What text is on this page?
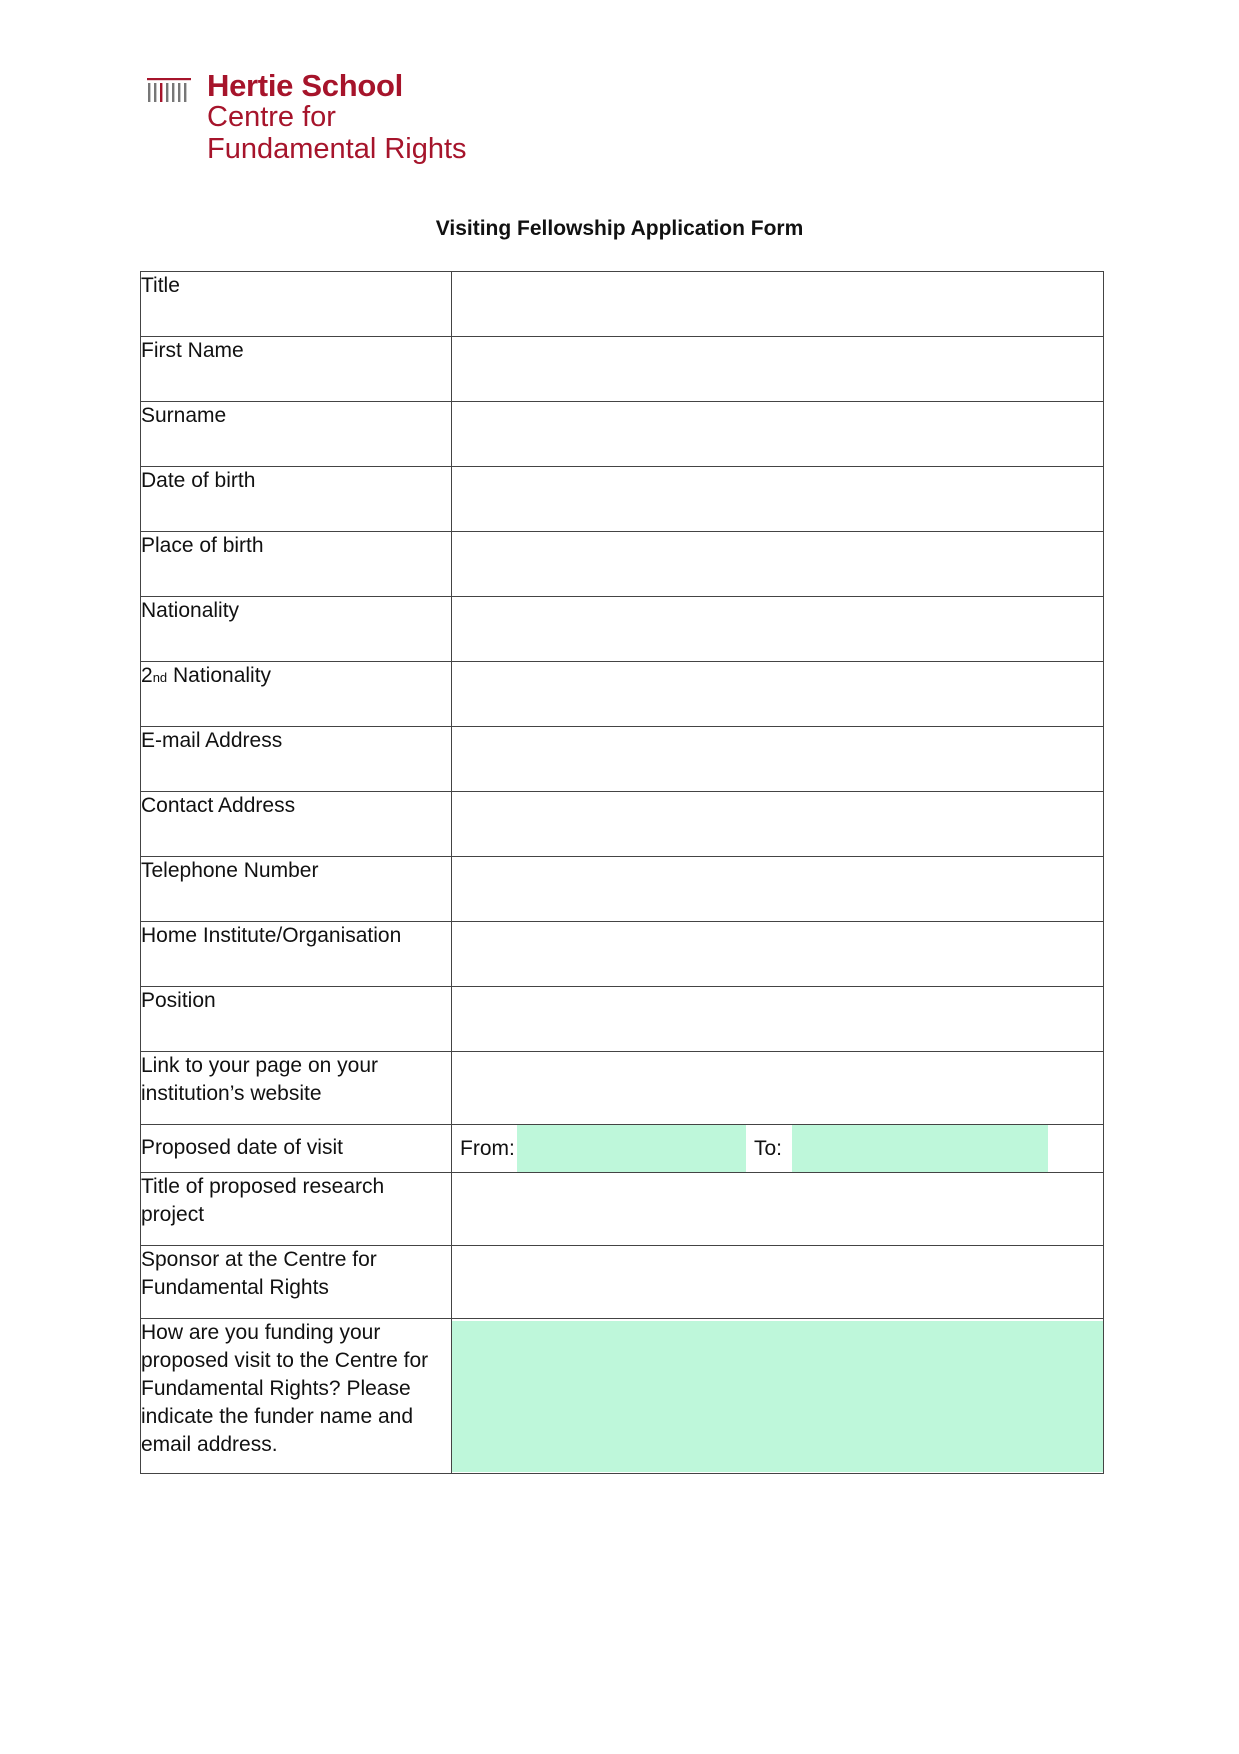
Hertie School
Centre for
Fundamental Rights
Visiting Fellowship Application Form
Title	

First Name	

Surname	

Date of birth	

Place of birth	

Nationality	

2nd Nationality	

E-mail Address	

Contact Address	

Telephone Number	

Home Institute/Organisation	

Position	

Link to your page on your institution’s website	

Proposed date of visit	From: To:

Title of proposed research project	

Sponsor at the Centre for Fundamental Rights	

How are you funding your proposed visit to the Centre for Fundamental Rights? Please indicate the funder name and email address.	
